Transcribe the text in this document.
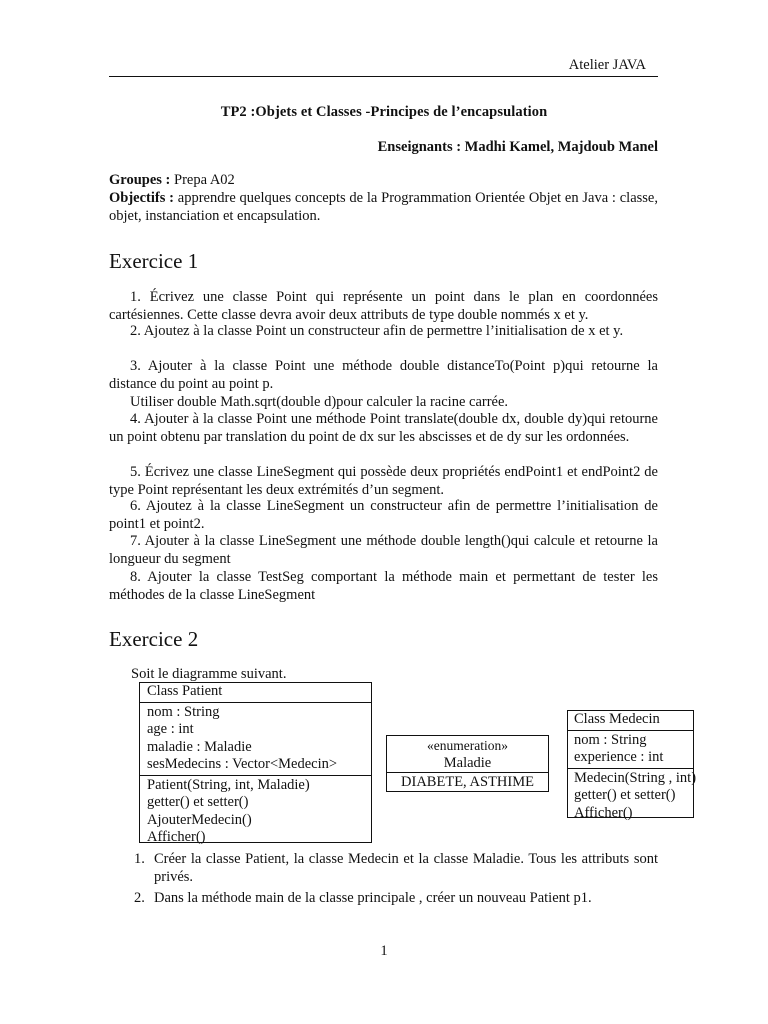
Atelier JAVA
TP2 :Objets et Classes -Principes de l’encapsulation
Enseignants : Madhi Kamel, Majdoub Manel
Groupes : Prepa A02
Objectifs : apprendre quelques concepts de la Programmation Orientée Objet en Java : classe, objet, instanciation et encapsulation.
Exercice 1
1. Écrivez une classe Point qui représente un point dans le plan en coordonnées cartésiennes. Cette classe devra avoir deux attributs de type double nommés x et y.
2. Ajoutez à la classe Point un constructeur afin de permettre l’initialisation de x et y.
3. Ajouter à la classe Point une méthode double distanceTo(Point p)qui retourne la distance du point au point p.
Utiliser double Math.sqrt(double d)pour calculer la racine carrée.
4. Ajouter à la classe Point une méthode Point translate(double dx, double dy)qui retourne un point obtenu par translation du point de dx sur les abscisses et de dy sur les ordonnées.
5. Écrivez une classe LineSegment qui possède deux propriétés endPoint1 et endPoint2 de type Point représentant les deux extrémités d’un segment.
6. Ajoutez à la classe LineSegment un constructeur afin de permettre l’initialisation de point1 et point2.
7. Ajouter à la classe LineSegment une méthode double length()qui calcule et retourne la longueur du segment
8. Ajouter la classe TestSeg comportant la méthode main et permettant de tester les méthodes de la classe LineSegment
Exercice 2
Soit le diagramme suivant.
Class Patient
nom : String
age : int
maladie : Maladie
sesMedecins : Vector<Medecin>
Patient(String, int, Maladie)
getter() et setter()
AjouterMedecin()
Afficher()
«enumeration»
Maladie
DIABETE, ASTHIME
Class Medecin
nom : String
experience : int
Medecin(String , int)
getter() et setter()
Afficher()
1. Créer la classe Patient, la classe Medecin et la classe Maladie. Tous les attributs sont privés.
2. Dans la méthode main de la classe principale , créer un nouveau Patient p1.
1
